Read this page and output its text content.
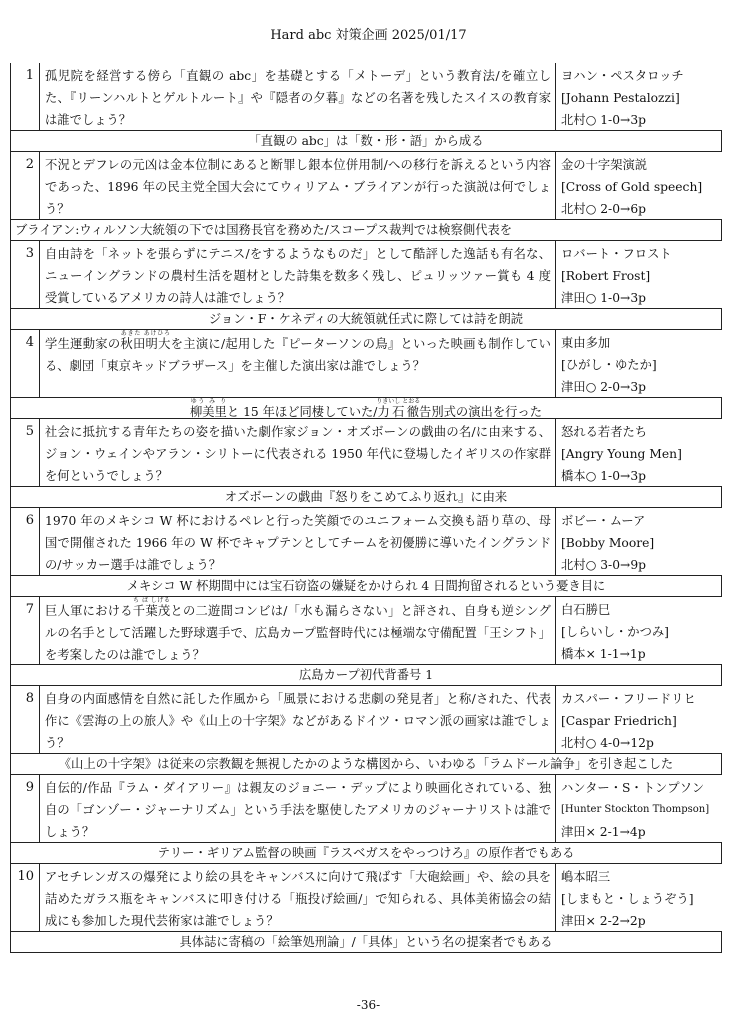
Hard abc 対策企画 2025/01/17
1 孤児院を経営する傍ら「直観の abc」を基礎とする「メトーデ」という教育法/を確立した、『リーンハルトとゲルトルート』や『隠者の夕暮』などの名著を残したスイスの教育家は誰でしょう？
ヨハン・ペスタロッチ
[Johann Pestalozzi]
北村○ 1-0→3p
「直観の abc」は「数・形・語」から成る
2 不況とデフレの元凶は金本位制にあると断罪し銀本位併用制/への移行を訴えるという内容であった、1896 年の民主党全国大会にてウィリアム・ブライアンが行った演説は何でしょう？
金の十字架演説
[Cross of Gold speech]
北村○ 2-0→6p
ブライアン:ウィルソン大統領の下では国務長官を務めた/スコープス裁判では検察側代表を
3 自由詩を「ネットを張らずにテニス/をするようなものだ」として酷評した逸話も有名な、ニューイングランドの農村生活を題材とした詩集を数多く残し、ピュリッツァー賞も 4 度受賞しているアメリカの詩人は誰でしょう？
ロバート・フロスト
[Robert Frost]
津田○ 1-0→3p
ジョン・F・ケネディの大統領就任式に際しては詩を朗読
4 学生運動家の秋田明大あきた あけひろを主演に/起用した『ピーターソンの鳥』といった映画も制作している、劇団「東京キッドブラザース」を主催した演出家は誰でしょう？
東由多加
[ひがし・ゆたか]
津田○ 2-0→3p
柳美里ゆう み りと 15 年ほど同棲していた/力石徹りきいし とおる告別式の演出を行った
5 社会に抵抗する青年たちの姿を描いた劇作家ジョン・オズボーンの戯曲の名/に由来する、ジョン・ウェインやアラン・シリトーに代表される 1950 年代に登場したイギリスの作家群を何というでしょう？
怒れる若者たち
[Angry Young Men]
橋本○ 1-0→3p
オズボーンの戯曲『怒りをこめてふり返れ』に由来
6 1970 年のメキシコ W 杯におけるペレと行った笑顔でのユニフォーム交換も語り草の、母国で開催された 1966 年の W 杯でキャプテンとしてチームを初優勝に導いたイングランドの/サッカー選手は誰でしょう？
ボビー・ムーア
[Bobby Moore]
北村○ 3-0→9p
メキシコ W 杯期間中には宝石窃盗の嫌疑をかけられ 4 日間拘留されるという憂き目に
7 巨人軍における千葉茂ち ば しげるとの二遊間コンビは/「水も漏らさない」と評され、自身も逆シングルの名手として活躍した野球選手で、広島カープ監督時代には極端な守備配置「王シフト」を考案したのは誰でしょう？
白石勝巳
[しらいし・かつみ]
橋本× 1-1→1p
広島カープ初代背番号 1
8 自身の内面感情を自然に託した作風から「風景における悲劇の発見者」と称/された、代表作に《雲海の上の旅人》や《山上の十字架》などがあるドイツ・ロマン派の画家は誰でしょう？
カスパー・フリードリヒ
[Caspar Friedrich]
北村○ 4-0→12p
《山上の十字架》は従来の宗教観を無視したかのような構図から、いわゆる「ラムドール論争」を引き起こした
9 自伝的/作品『ラム・ダイアリー』は親友のジョニー・デップにより映画化されている、独自の「ゴンゾー・ジャーナリズム」という手法を駆使したアメリカのジャーナリストは誰でしょう？
ハンター・S・トンプソン
[Hunter Stockton Thompson]
津田× 2-1→4p
テリー・ギリアム監督の映画『ラスベガスをやっつけろ』の原作者でもある
10 アセチレンガスの爆発により絵の具をキャンバスに向けて飛ばす「大砲絵画」や、絵の具を詰めたガラス瓶をキャンバスに叩き付ける「瓶投げ絵画/」で知られる、具体美術協会の結成にも参加した現代芸術家は誰でしょう？
嶋本昭三
[しまもと・しょうぞう]
津田× 2-2→2p
具体誌に寄稿の「絵筆処刑論」/「具体」という名の提案者でもある
-36-
